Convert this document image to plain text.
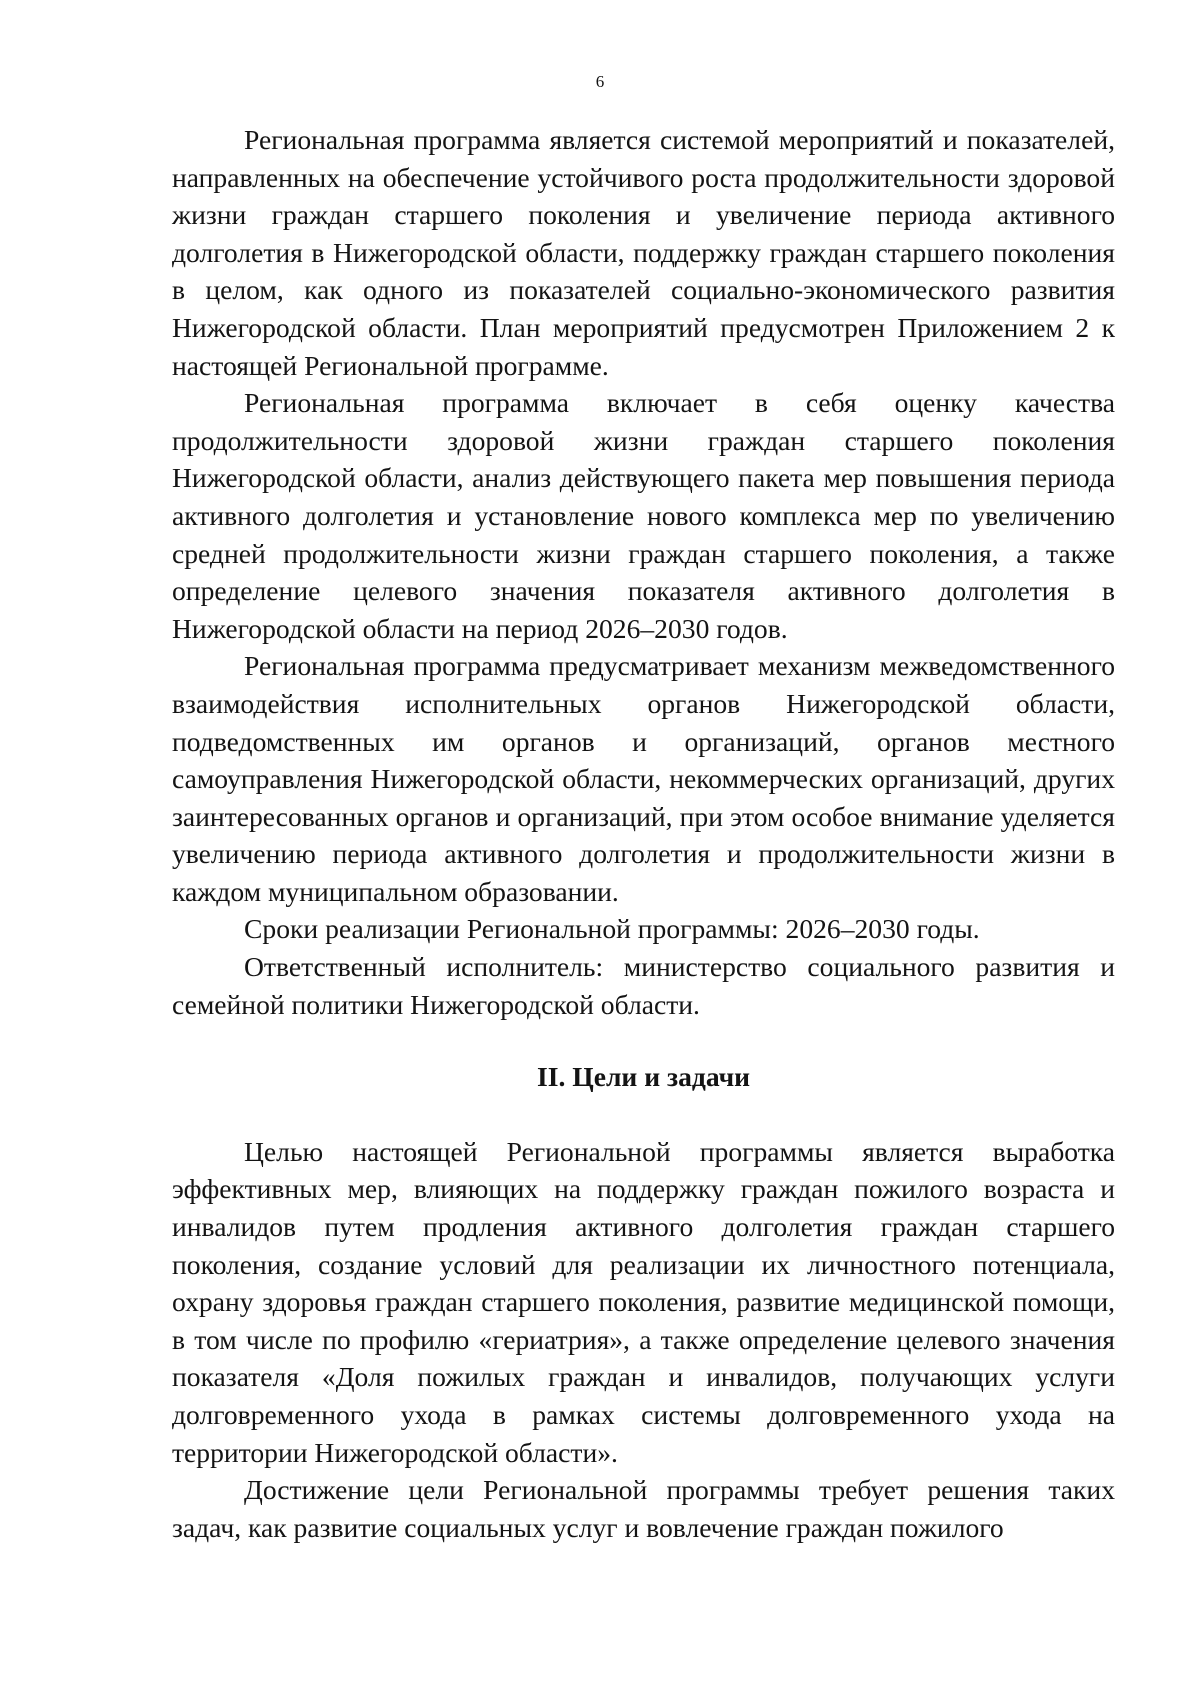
6

Региональная программа является системой мероприятий и показателей, направленных на обеспечение устойчивого роста продолжительности здоровой жизни граждан старшего поколения и увеличение периода активного долголетия в Нижегородской области, поддержку граждан старшего поколения в целом, как одного из показателей социально-экономического развития Нижегородской области. План мероприятий предусмотрен Приложением 2 к настоящей Региональной программе.

Региональная программа включает в себя оценку качества продолжительности здоровой жизни граждан старшего поколения Нижегородской области, анализ действующего пакета мер повышения периода активного долголетия и установление нового комплекса мер по увеличению средней продолжительности жизни граждан старшего поколения, а также определение целевого значения показателя активного долголетия в Нижегородской области на период 2026–2030 годов.

Региональная программа предусматривает механизм межведомственного взаимодействия исполнительных органов Нижегородской области, подведомственных им органов и организаций, органов местного самоуправления Нижегородской области, некоммерческих организаций, других заинтересованных органов и организаций, при этом особое внимание уделяется увеличению периода активного долголетия и продолжительности жизни в каждом муниципальном образовании.

Сроки реализации Региональной программы: 2026–2030 годы.

Ответственный исполнитель: министерство социального развития и семейной политики Нижегородской области.

II. Цели и задачи

Целью настоящей Региональной программы является выработка эффективных мер, влияющих на поддержку граждан пожилого возраста и инвалидов путем продления активного долголетия граждан старшего поколения, создание условий для реализации их личностного потенциала, охрану здоровья граждан старшего поколения, развитие медицинской помощи, в том числе по профилю «гериатрия», а также определение целевого значения показателя «Доля пожилых граждан и инвалидов, получающих услуги долговременного ухода в рамках системы долговременного ухода на территории Нижегородской области».

Достижение цели Региональной программы требует решения таких задач, как развитие социальных услуг и вовлечение граждан пожилого
